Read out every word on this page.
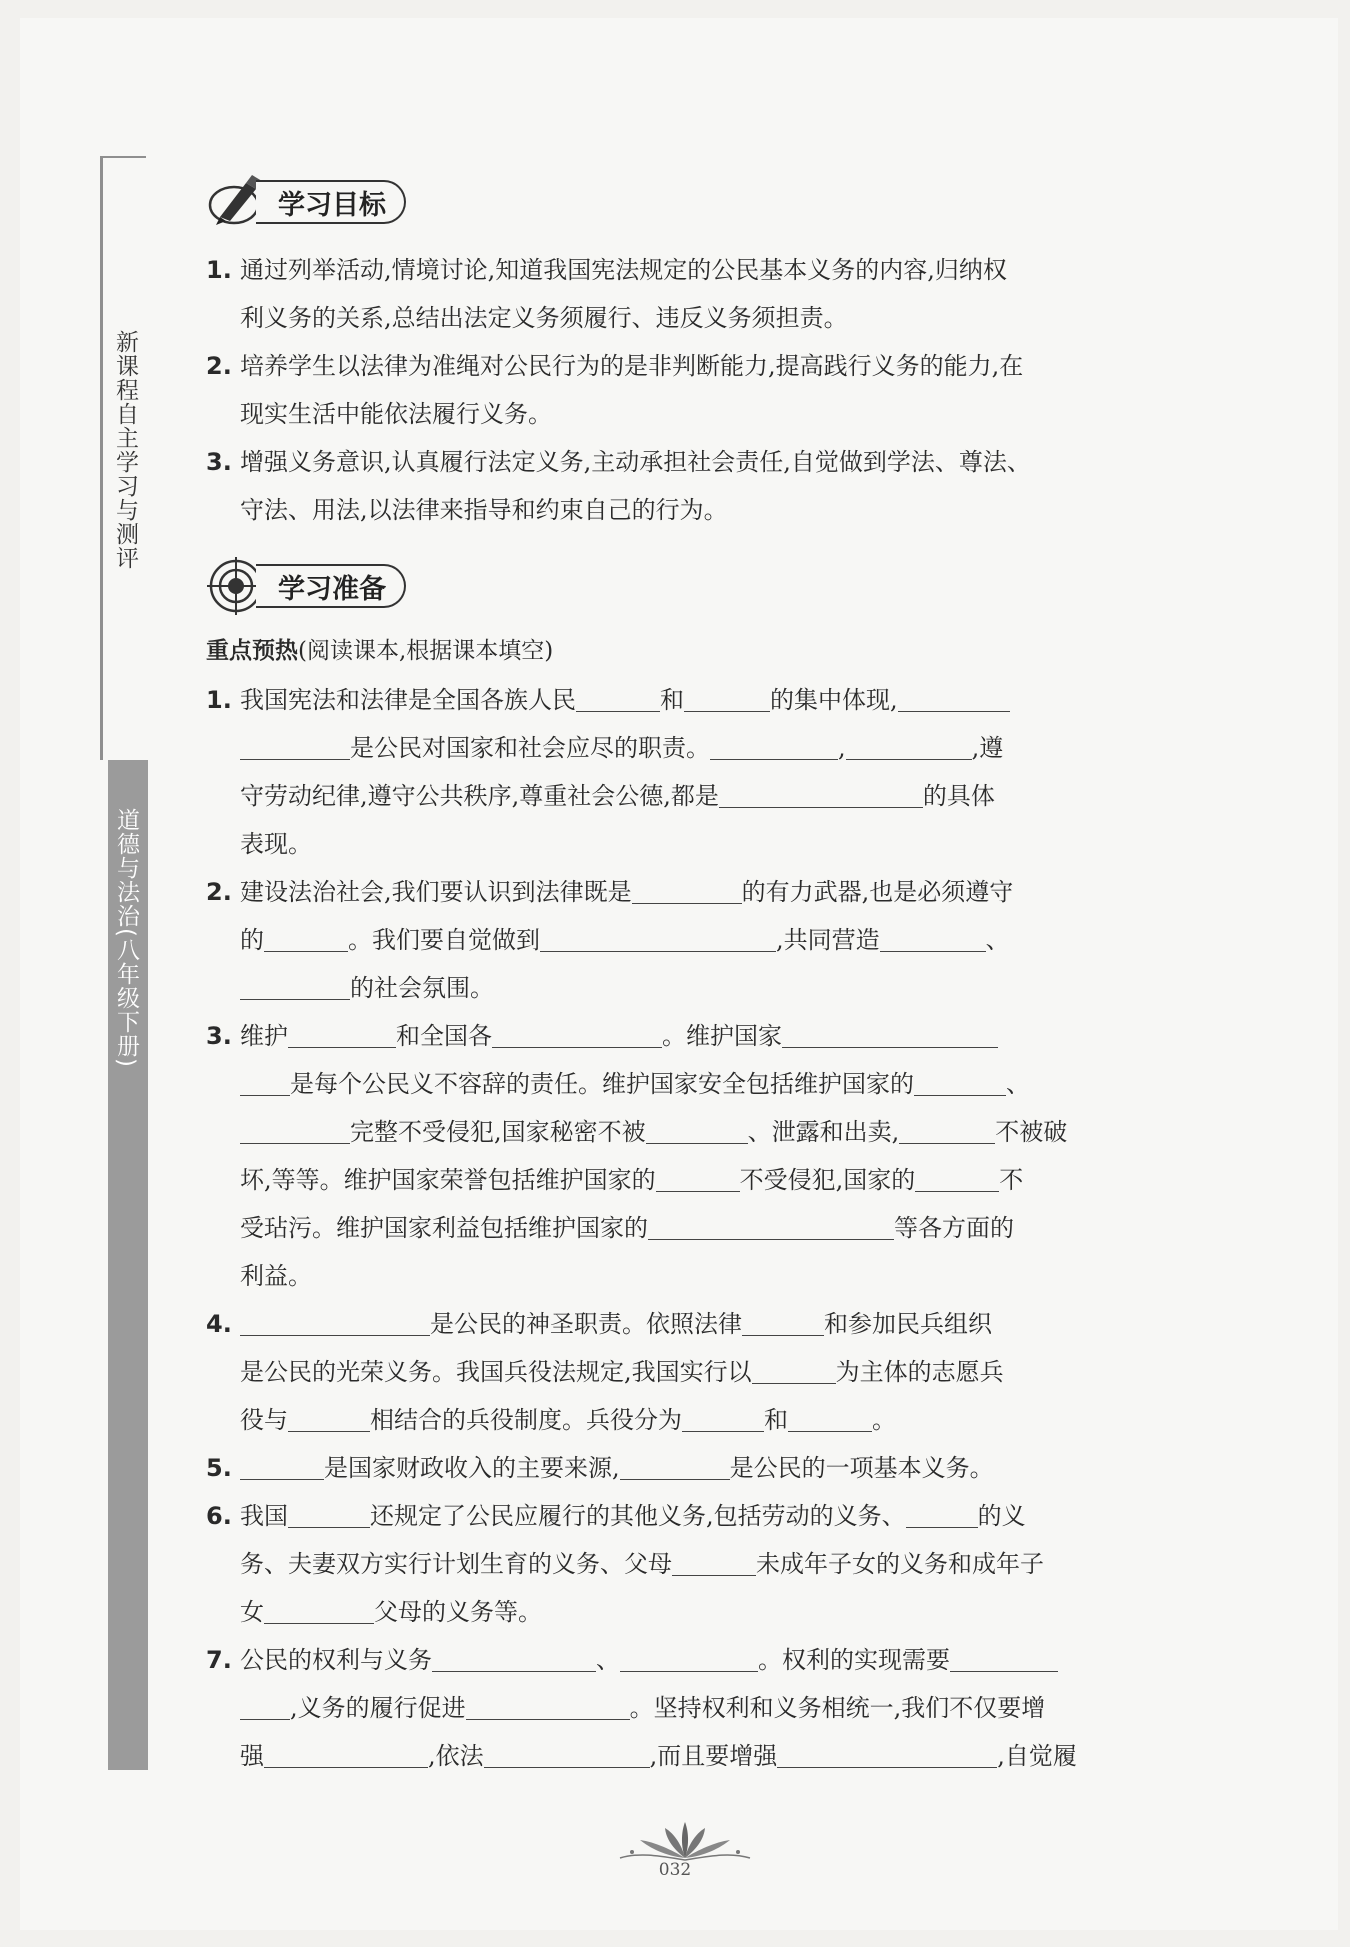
新课程自主学习与测评
道德与法治(八年级下册)
学习目标
1. 通过列举活动,情境讨论,知道我国宪法规定的公民基本义务的内容,归纳权
利义务的关系,总结出法定义务须履行、违反义务须担责。
2. 培养学生以法律为准绳对公民行为的是非判断能力,提高践行义务的能力,在
现实生活中能依法履行义务。
3. 增强义务意识,认真履行法定义务,主动承担社会责任,自觉做到学法、尊法、
守法、用法,以法律来指导和约束自己的行为。
学习准备
重点预热(阅读课本,根据课本填空)
1. 我国宪法和法律是全国各族人民	和	的集中体现,
是公民对国家和社会应尽的职责。	,	,遵
守劳动纪律,遵守公共秩序,尊重社会公德,都是	的具体
表现。
2. 建设法治社会,我们要认识到法律既是	的有力武器,也是必须遵守
的	。我们要自觉做到	,共同营造	、
的社会氛围。
3. 维护	和全国各	。维护国家
是每个公民义不容辞的责任。维护国家安全包括维护国家的	、
完整不受侵犯,国家秘密不被	、泄露和出卖,	不被破
坏,等等。维护国家荣誉包括维护国家的	不受侵犯,国家的	不
受玷污。维护国家利益包括维护国家的	等各方面的
利益。
4.	是公民的神圣职责。依照法律	和参加民兵组织
是公民的光荣义务。我国兵役法规定,我国实行以	为主体的志愿兵
役与	相结合的兵役制度。兵役分为	和	。
5.	是国家财政收入的主要来源,	是公民的一项基本义务。
6. 我国	还规定了公民应履行的其他义务,包括劳动的义务、	的义
务、夫妻双方实行计划生育的义务、父母	未成年子女的义务和成年子
女	父母的义务等。
7. 公民的权利与义务	、	。权利的实现需要
,义务的履行促进	。坚持权利和义务相统一,我们不仅要增
强	,依法	,而且要增强	,自觉履
032
